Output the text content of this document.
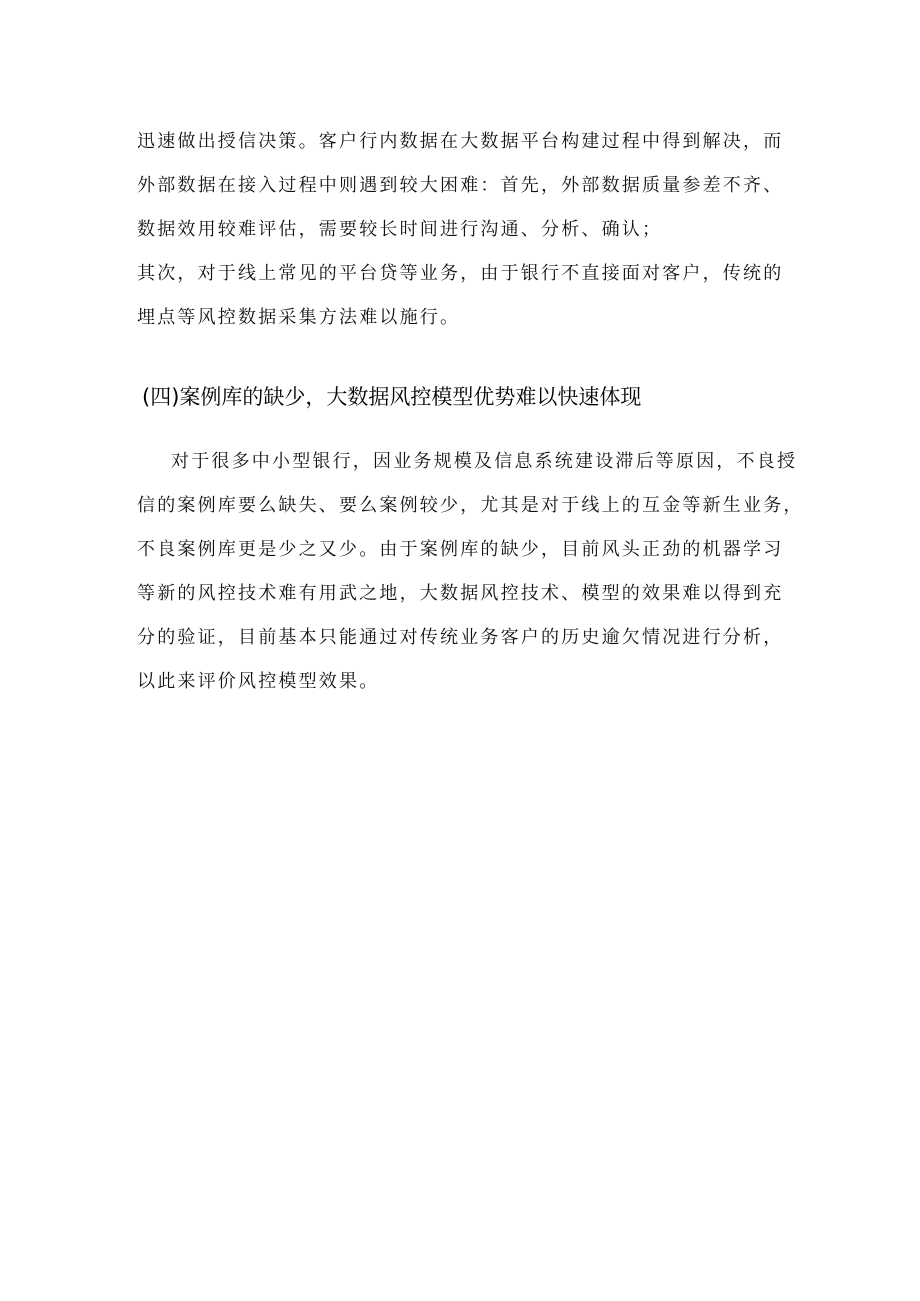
迅速做出授信决策。客户行内数据在大数据平台构建过程中得到解决，而
外部数据在接入过程中则遇到较大困难：首先，外部数据质量参差不齐、
数据效用较难评估，需要较长时间进行沟通、分析、确认；

其次，对于线上常见的平台贷等业务，由于银行不直接面对客户，传统的
埋点等风控数据采集方法难以施行。

(四)案例库的缺少，大数据风控模型优势难以快速体现

对于很多中小型银行，因业务规模及信息系统建设滞后等原因，不良授
信的案例库要么缺失、要么案例较少，尤其是对于线上的互金等新生业务，
不良案例库更是少之又少。由于案例库的缺少，目前风头正劲的机器学习
等新的风控技术难有用武之地，大数据风控技术、模型的效果难以得到充
分的验证，目前基本只能通过对传统业务客户的历史逾欠情况进行分析，
以此来评价风控模型效果。
